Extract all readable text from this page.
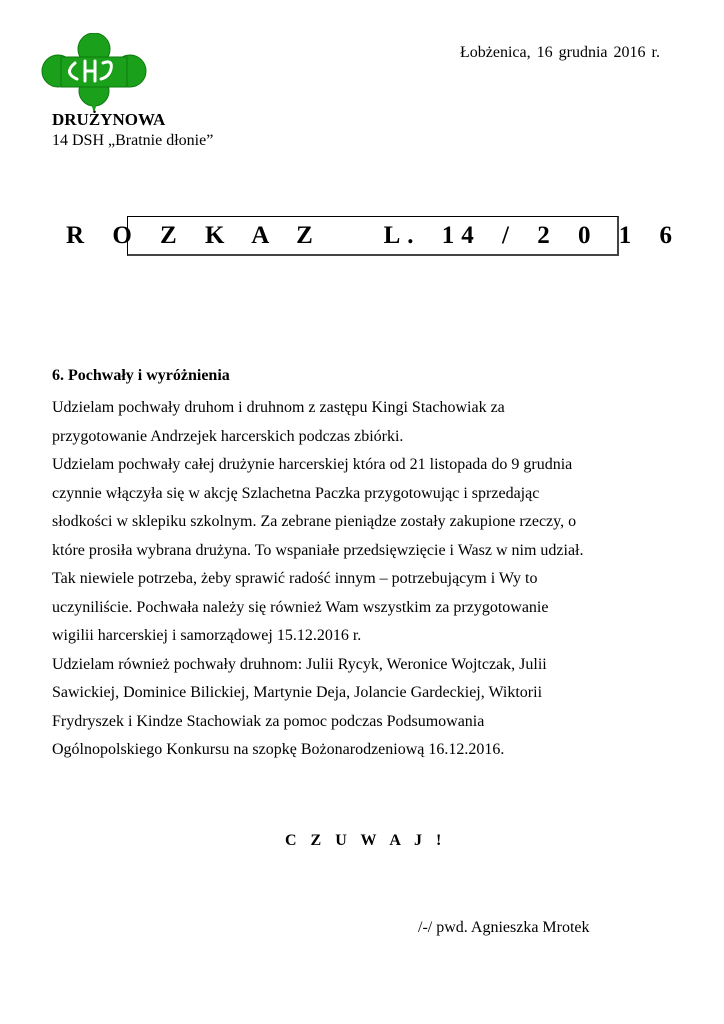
Łobżenica, 16 grudnia 2016 r.
DRUŻYNOWA
14 DSH „Bratnie dłonie”
R O Z K A Z   L. 14 / 2 0 1 6
6. Pochwały i wyróżnienia
Udzielam pochwały druhom i druhnom z zastępu Kingi Stachowiak za
przygotowanie Andrzejek harcerskich podczas zbiórki.
Udzielam pochwały całej drużynie harcerskiej która od 21 listopada do 9 grudnia
czynnie włączyła się w akcję Szlachetna Paczka przygotowując i sprzedając
słodkości w sklepiku szkolnym. Za zebrane pieniądze zostały zakupione rzeczy, o
które prosiła wybrana drużyna. To wspaniałe przedsięwzięcie i Wasz w nim udział.
Tak niewiele potrzeba, żeby sprawić radość innym – potrzebującym i Wy to
uczyniliście. Pochwała należy się również Wam wszystkim za przygotowanie
wigilii harcerskiej i samorządowej 15.12.2016 r.
Udzielam również pochwały druhnom: Julii Rycyk, Weronice Wojtczak, Julii
Sawickiej, Dominice Bilickiej, Martynie Deja, Jolancie Gardeckiej, Wiktorii
Frydryszek i Kindze Stachowiak za pomoc podczas Podsumowania
Ogólnopolskiego Konkursu na szopkę Bożonarodzeniową 16.12.2016.
C Z U W A J !
/-/ pwd. Agnieszka Mrotek
